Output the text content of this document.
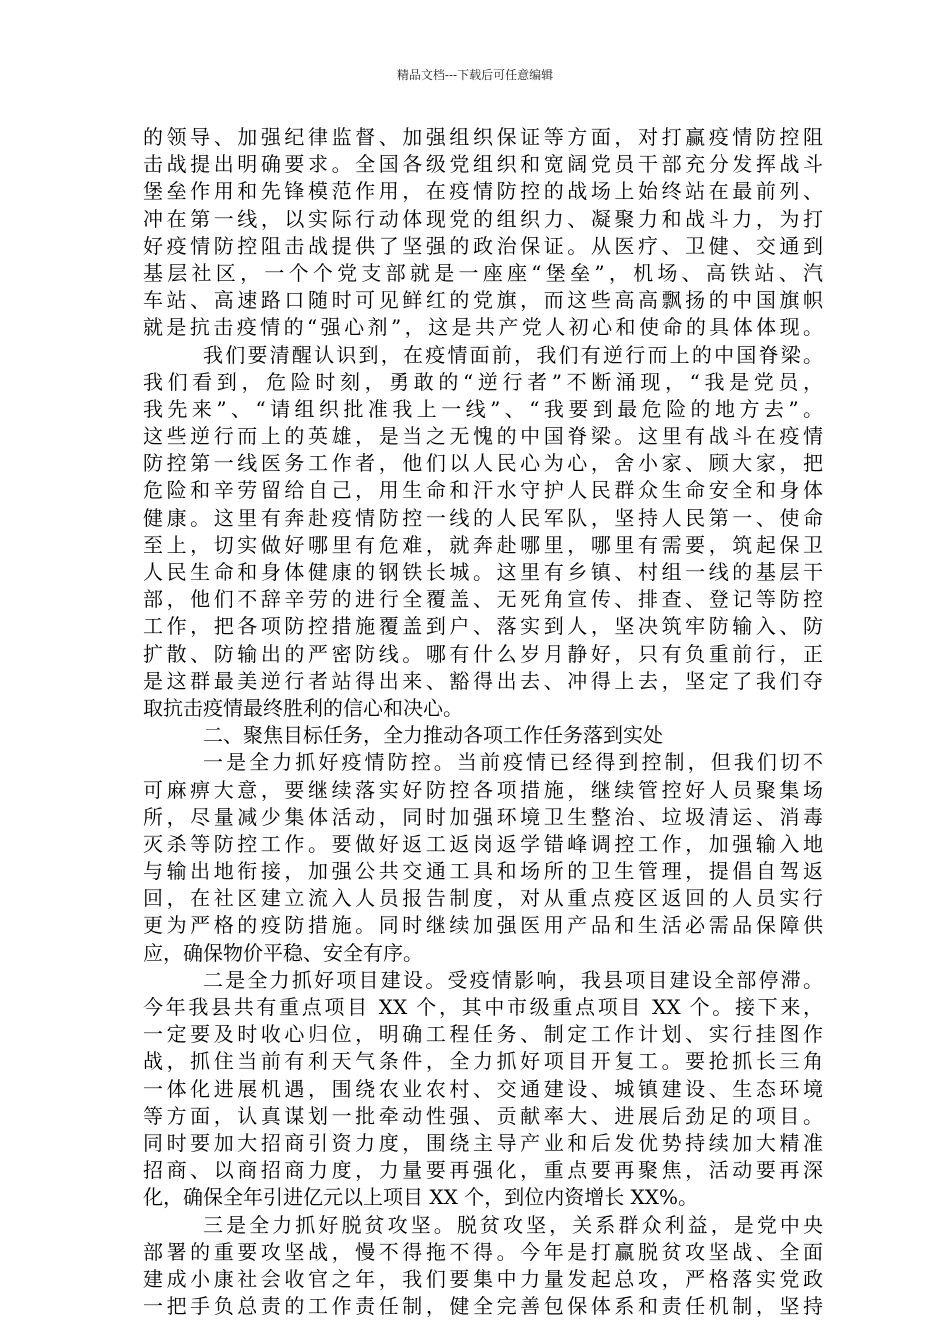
精品文档---下载后可任意编辑
的领导、加强纪律监督、加强组织保证等方面，对打赢疫情防控阻
击战提出明确要求。全国各级党组织和宽阔党员干部充分发挥战斗
堡垒作用和先锋模范作用，在疫情防控的战场上始终站在最前列、
冲在第一线，以实际行动体现党的组织力、凝聚力和战斗力，为打
好疫情防控阻击战提供了坚强的政治保证。从医疗、卫健、交通到
基层社区，一个个党支部就是一座座“堡垒”，机场、高铁站、汽
车站、高速路口随时可见鲜红的党旗，而这些高高飘扬的中国旗帜
就是抗击疫情的“强心剂”，这是共产党人初心和使命的具体体现。
我们要清醒认识到，在疫情面前，我们有逆行而上的中国脊梁。
我们看到，危险时刻，勇敢的“逆行者”不断涌现，“我是党员，
我先来”、“请组织批准我上一线”、“我要到最危险的地方去”。
这些逆行而上的英雄，是当之无愧的中国脊梁。这里有战斗在疫情
防控第一线医务工作者，他们以人民心为心，舍小家、顾大家，把
危险和辛劳留给自己，用生命和汗水守护人民群众生命安全和身体
健康。这里有奔赴疫情防控一线的人民军队，坚持人民第一、使命
至上，切实做好哪里有危难，就奔赴哪里，哪里有需要，筑起保卫
人民生命和身体健康的钢铁长城。这里有乡镇、村组一线的基层干
部，他们不辞辛劳的进行全覆盖、无死角宣传、排查、登记等防控
工作，把各项防控措施覆盖到户、落实到人，坚决筑牢防输入、防
扩散、防输出的严密防线。哪有什么岁月静好，只有负重前行，正
是这群最美逆行者站得出来、豁得出去、冲得上去，坚定了我们夺
取抗击疫情最终胜利的信心和决心。
二、聚焦目标任务，全力推动各项工作任务落到实处
一是全力抓好疫情防控。当前疫情已经得到控制，但我们切不
可麻痹大意，要继续落实好防控各项措施，继续管控好人员聚集场
所，尽量减少集体活动，同时加强环境卫生整治、垃圾清运、消毒
灭杀等防控工作。要做好返工返岗返学错峰调控工作，加强输入地
与输出地衔接，加强公共交通工具和场所的卫生管理，提倡自驾返
回，在社区建立流入人员报告制度，对从重点疫区返回的人员实行
更为严格的疫防措施。同时继续加强医用产品和生活必需品保障供
应，确保物价平稳、安全有序。
二是全力抓好项目建设。受疫情影响，我县项目建设全部停滞。
今年我县共有重点项目 XX 个，其中市级重点项目 XX 个。接下来，
一定要及时收心归位，明确工程任务、制定工作计划、实行挂图作
战，抓住当前有利天气条件，全力抓好项目开复工。要抢抓长三角
一体化进展机遇，围绕农业农村、交通建设、城镇建设、生态环境
等方面，认真谋划一批牵动性强、贡献率大、进展后劲足的项目。
同时要加大招商引资力度，围绕主导产业和后发优势持续加大精准
招商、以商招商力度，力量要再强化，重点要再聚焦，活动要再深
化，确保全年引进亿元以上项目 XX 个，到位内资增长 XX%。
三是全力抓好脱贫攻坚。脱贫攻坚，关系群众利益，是党中央
部署的重要攻坚战，慢不得拖不得。今年是打赢脱贫攻坚战、全面
建成小康社会收官之年，我们要集中力量发起总攻，严格落实党政
一把手负总责的工作责任制，健全完善包保体系和责任机制，坚持
